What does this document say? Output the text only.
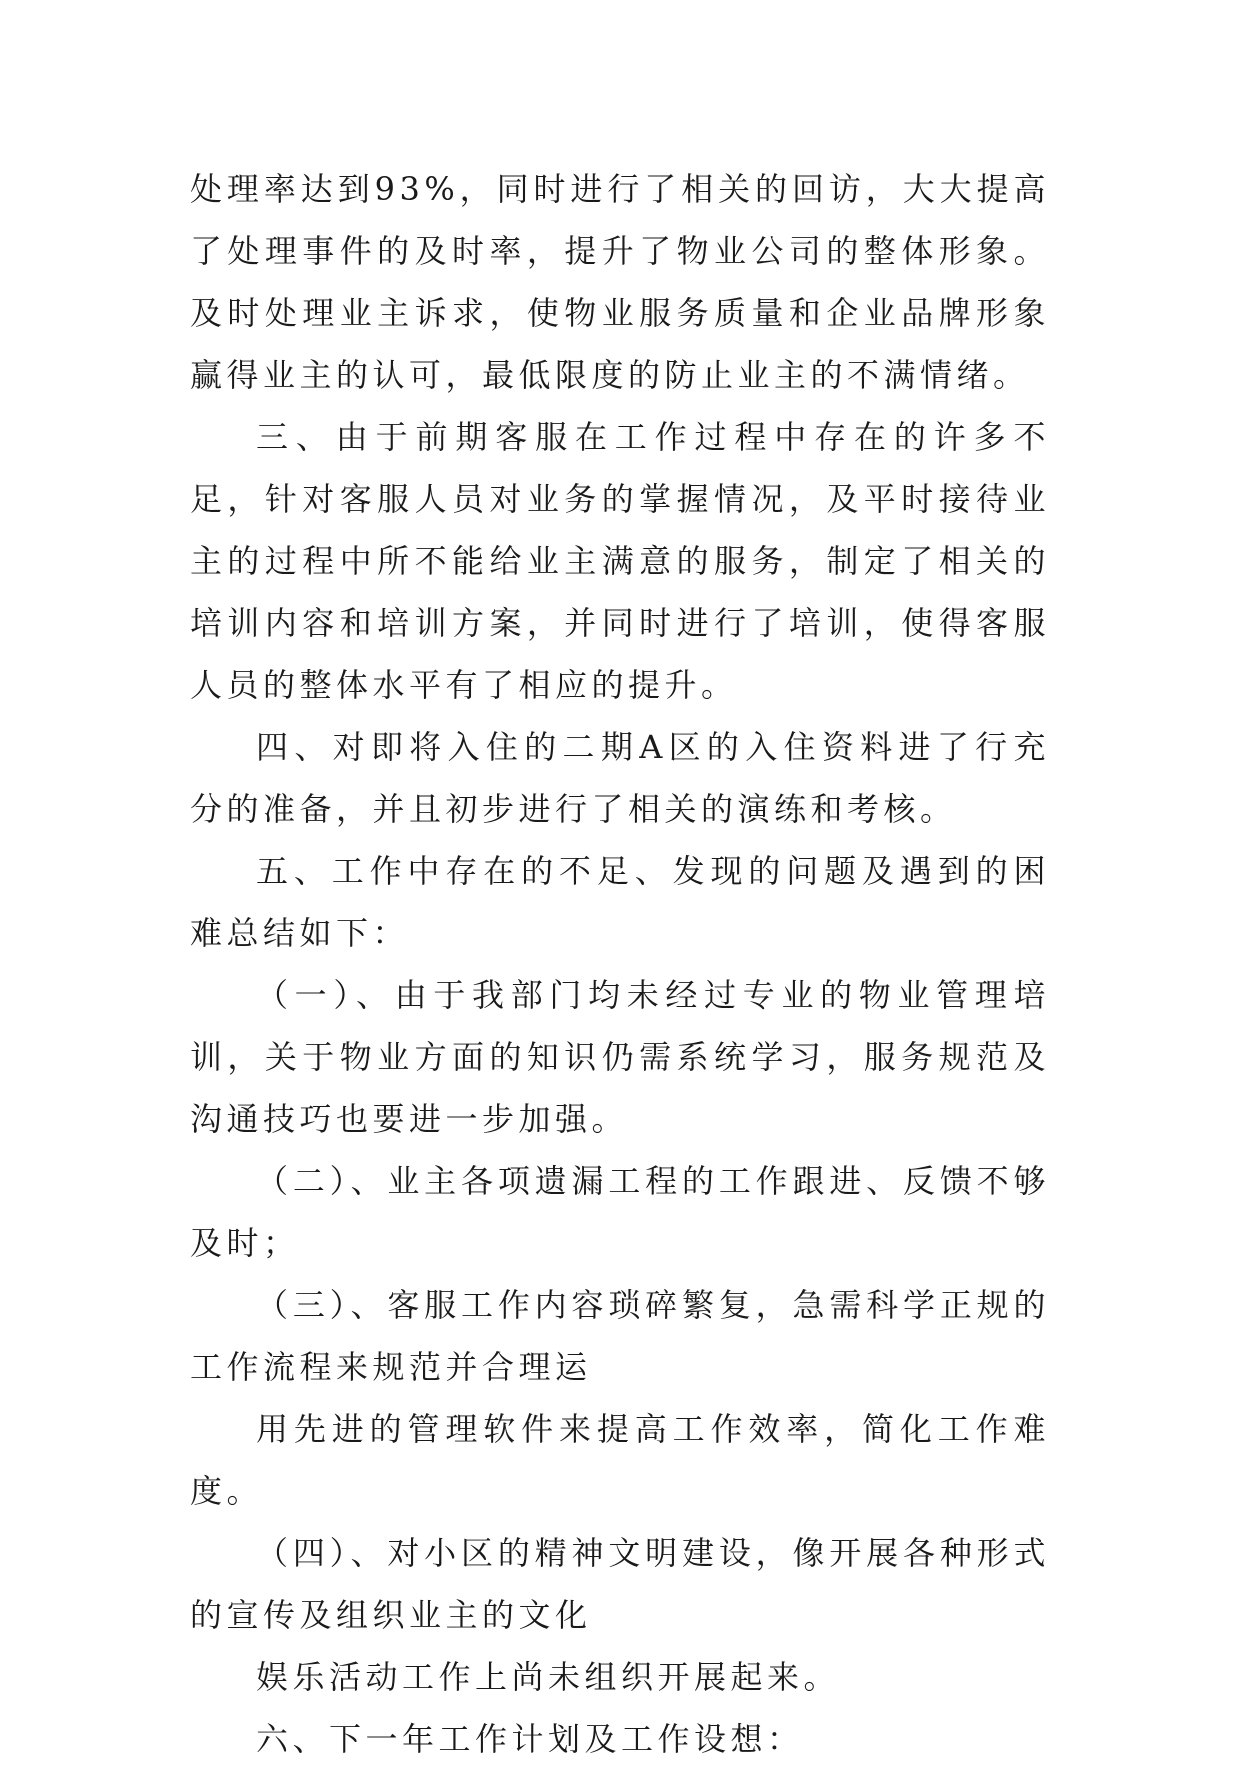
处理率达到93%，同时进行了相关的回访，大大提高了处理事件的及时率，提升了物业公司的整体形象。及时处理业主诉求，使物业服务质量和企业品牌形象赢得业主的认可，最低限度的防止业主的不满情绪。

三、由于前期客服在工作过程中存在的许多不足，针对客服人员对业务的掌握情况，及平时接待业主的过程中所不能给业主满意的服务，制定了相关的培训内容和培训方案，并同时进行了培训，使得客服人员的整体水平有了相应的提升。

四、对即将入住的二期A区的入住资料进了行充分的准备，并且初步进行了相关的演练和考核。

五、工作中存在的不足、发现的问题及遇到的困难总结如下：

（一）、由于我部门均未经过专业的物业管理培训，关于物业方面的知识仍需系统学习，服务规范及沟通技巧也要进一步加强。

（二）、业主各项遗漏工程的工作跟进、反馈不够及时；

（三）、客服工作内容琐碎繁复，急需科学正规的工作流程来规范并合理运

用先进的管理软件来提高工作效率，简化工作难度。

（四）、对小区的精神文明建设，像开展各种形式的宣传及组织业主的文化

娱乐活动工作上尚未组织开展起来。

六、下一年工作计划及工作设想：
